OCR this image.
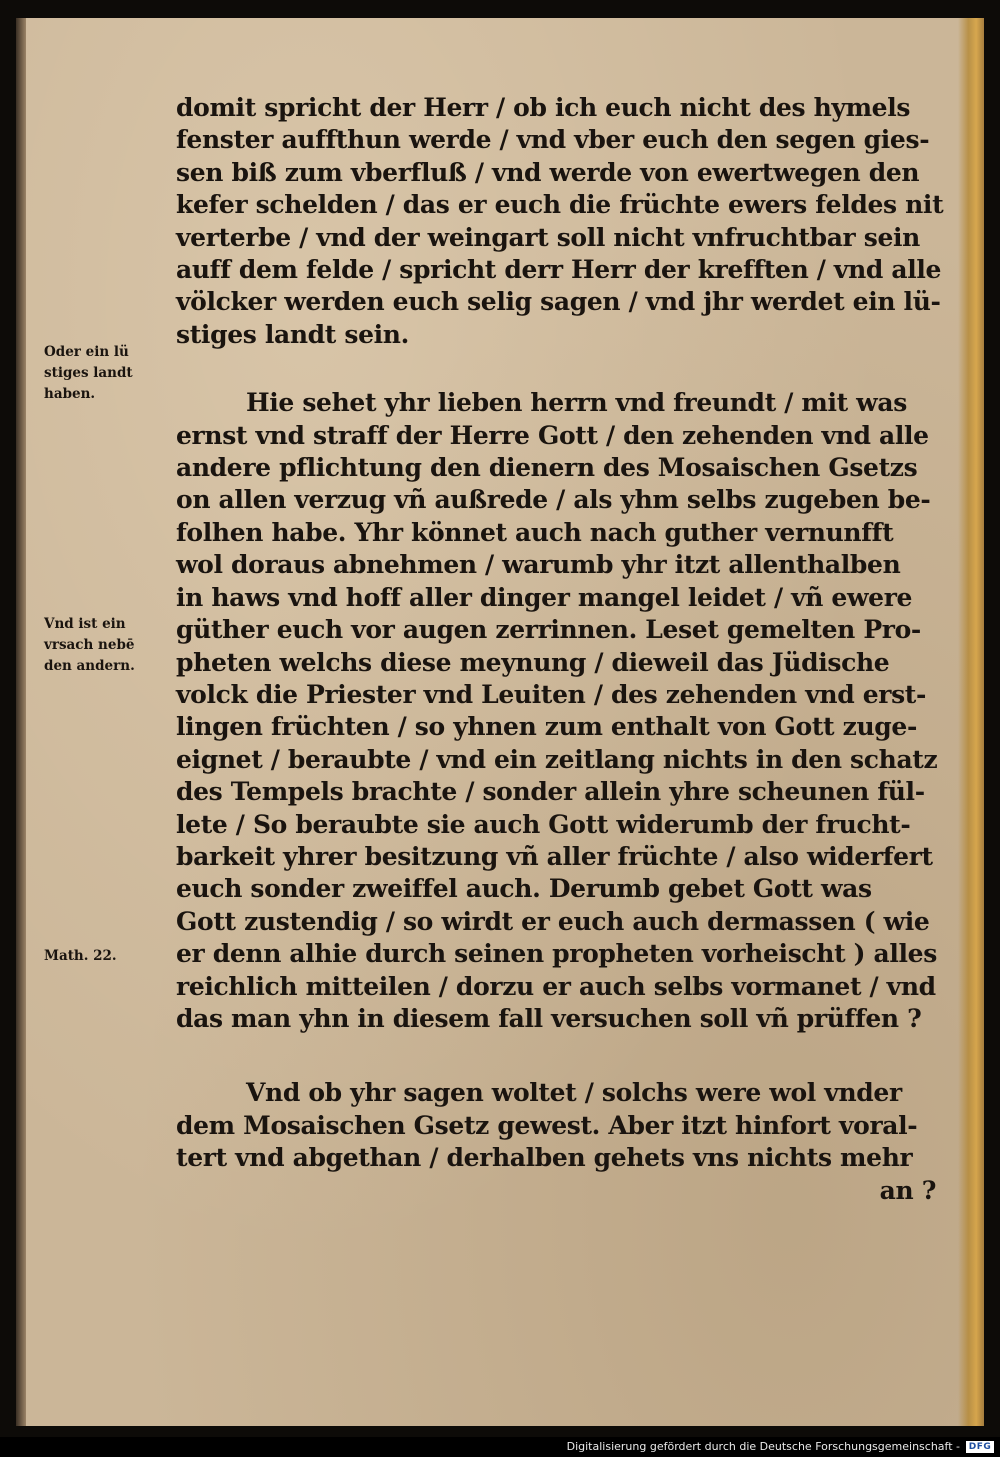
domit spricht der Herr / ob ich euch nicht des hymels
fenster auffthun werde / vnd vber euch den segen gies-
sen biß zum vberfluß / vnd werde von ewertwegen den
kefer schelden / das er euch die früchte ewers feldes nit
verterbe / vnd der weingart soll nicht vnfruchtbar sein
auff dem felde / spricht derr Herr der krefften / vnd alle
völcker werden euch selig sagen / vnd jhr werdet ein lü-
stiges landt sein.

Hie sehet yhr lieben herrn vnd freundt / mit was
ernst vnd straff der Herre Gott / den zehenden vnd alle
andere pflichtung den dienern des Mosaischen Gsetzs
on allen verzug vñ außrede / als yhm selbs zugeben be-
folhen habe. Yhr könnet auch nach guther vernunfft
wol doraus abnehmen / warumb yhr itzt allenthalben
in haws vnd hoff aller dinger mangel leidet / vñ ewere
güther euch vor augen zerrinnen. Leset gemelten Pro-
pheten welchs diese meynung / dieweil das Jüdische
volck die Priester vnd Leuiten / des zehenden vnd erst-
lingen früchten / so yhnen zum enthalt von Gott zuge-
eignet / beraubte / vnd ein zeitlang nichts in den schatz
des Tempels brachte / sonder allein yhre scheunen fül-
lete / So beraubte sie auch Gott widerumb der frucht-
barkeit yhrer besitzung vñ aller früchte / also widerfert
euch sonder zweiffel auch. Derumb gebet Gott was
Gott zustendig / so wirdt er euch auch dermassen ( wie
er denn alhie durch seinen propheten vorheischt ) alles
reichlich mitteilen / dorzu er auch selbs vormanet / vnd
das man yhn in diesem fall versuchen soll vñ prüffen ?

Vnd ob yhr sagen woltet / solchs were wol vnder
dem Mosaischen Gsetz gewest. Aber itzt hinfort voral-
tert vnd abgethan / derhalben gehets vns nichts mehr
an ?

Oder ein lü
stiges landt
haben.
Vnd ist ein
vrsach nebē
den andern.
Math. 22.
Digitalisierung gefördert durch die Deutsche Forschungsgemeinschaft - DFG
